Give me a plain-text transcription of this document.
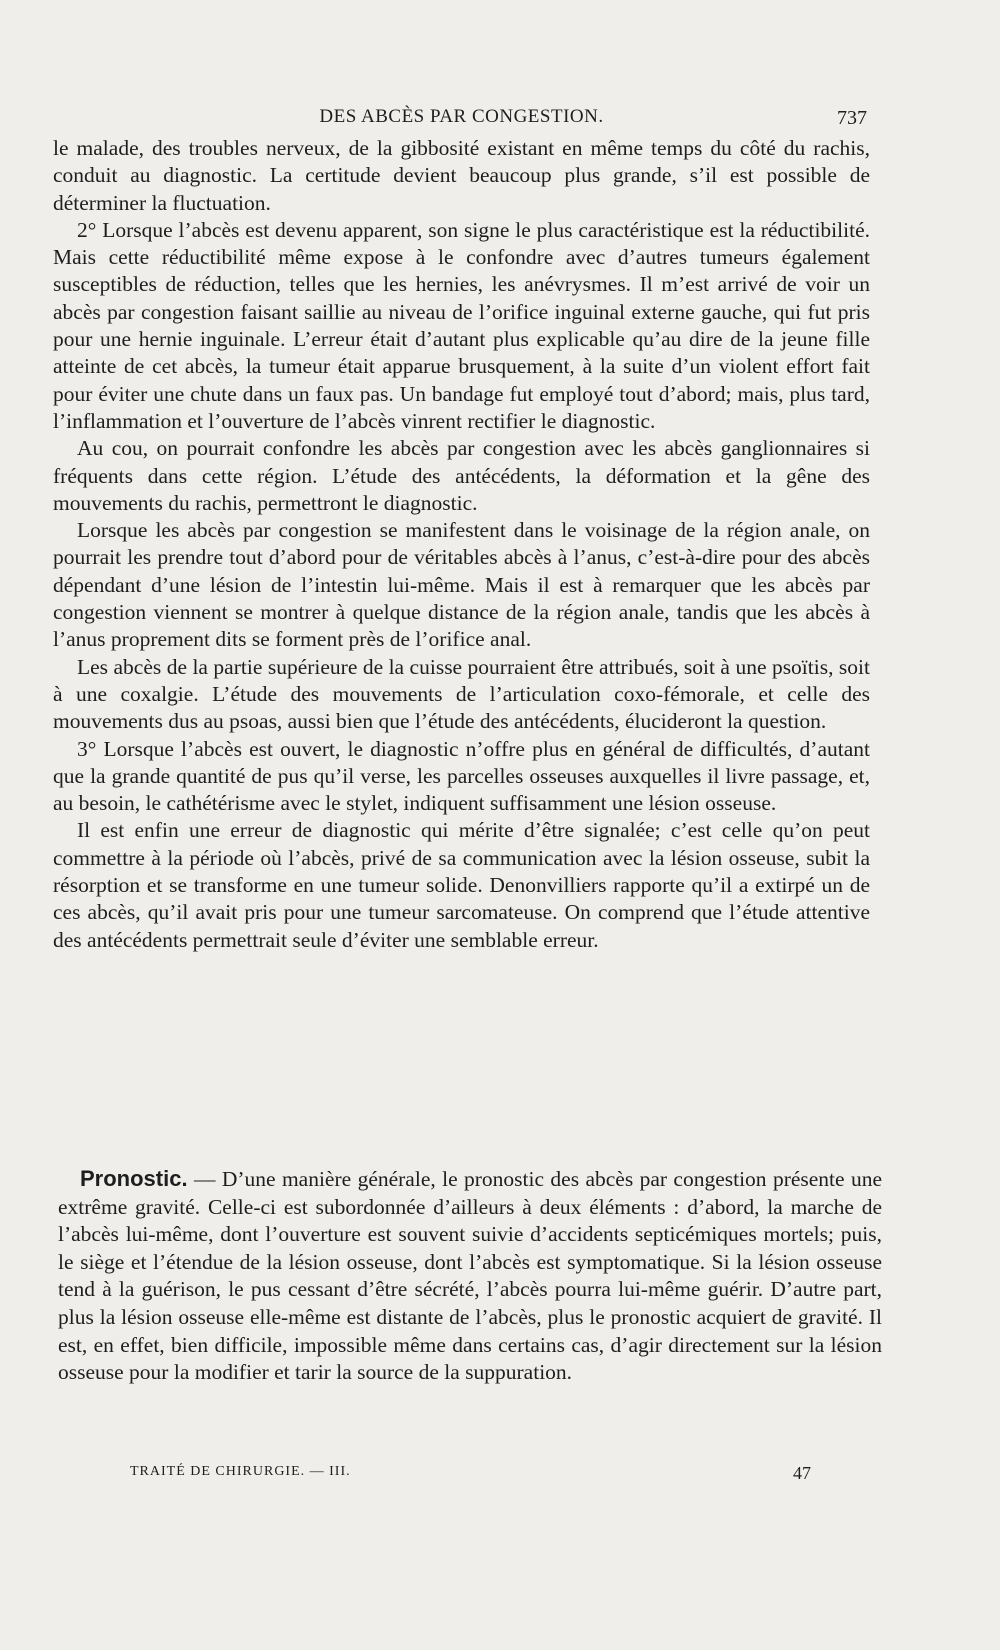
DES ABCÈS PAR CONGESTION.	737

le malade, des troubles nerveux, de la gibbosité existant en même temps du côté du rachis, conduit au diagnostic. La certitude devient beaucoup plus grande, s’il est possible de déterminer la fluctuation.

2° Lorsque l’abcès est devenu apparent, son signe le plus caractéristique est la réductibilité. Mais cette réductibilité même expose à le confondre avec d’autres tumeurs également susceptibles de réduction, telles que les hernies, les anévrysmes. Il m’est arrivé de voir un abcès par congestion faisant saillie au niveau de l’orifice inguinal externe gauche, qui fut pris pour une hernie inguinale. L’erreur était d’autant plus explicable qu’au dire de la jeune fille atteinte de cet abcès, la tumeur était apparue brusquement, à la suite d’un violent effort fait pour éviter une chute dans un faux pas. Un bandage fut employé tout d’abord; mais, plus tard, l’inflammation et l’ouverture de l’abcès vinrent rectifier le diagnostic.

Au cou, on pourrait confondre les abcès par congestion avec les abcès ganglionnaires si fréquents dans cette région. L’étude des antécédents, la déformation et la gêne des mouvements du rachis, permettront le diagnostic.

Lorsque les abcès par congestion se manifestent dans le voisinage de la région anale, on pourrait les prendre tout d’abord pour de véritables abcès à l’anus, c’est-à-dire pour des abcès dépendant d’une lésion de l’intestin lui-même. Mais il est à remarquer que les abcès par congestion viennent se montrer à quelque distance de la région anale, tandis que les abcès à l’anus proprement dits se forment près de l’orifice anal.

Les abcès de la partie supérieure de la cuisse pourraient être attribués, soit à une psoïtis, soit à une coxalgie. L’étude des mouvements de l’articulation coxo-fémorale, et celle des mouvements dus au psoas, aussi bien que l’étude des antécédents, élucideront la question.

3° Lorsque l’abcès est ouvert, le diagnostic n’offre plus en général de difficultés, d’autant que la grande quantité de pus qu’il verse, les parcelles osseuses auxquelles il livre passage, et, au besoin, le cathétérisme avec le stylet, indiquent suffisamment une lésion osseuse.

Il est enfin une erreur de diagnostic qui mérite d’être signalée; c’est celle qu’on peut commettre à la période où l’abcès, privé de sa communication avec la lésion osseuse, subit la résorption et se transforme en une tumeur solide. Denonvilliers rapporte qu’il a extirpé un de ces abcès, qu’il avait pris pour une tumeur sarcomateuse. On comprend que l’étude attentive des antécédents permettrait seule d’éviter une semblable erreur.

Pronostic. — D’une manière générale, le pronostic des abcès par congestion présente une extrême gravité. Celle-ci est subordonnée d’ailleurs à deux éléments : d’abord, la marche de l’abcès lui-même, dont l’ouverture est souvent suivie d’accidents septicémiques mortels; puis, le siège et l’étendue de la lésion osseuse, dont l’abcès est symptomatique. Si la lésion osseuse tend à la guérison, le pus cessant d’être sécrété, l’abcès pourra lui-même guérir. D’autre part, plus la lésion osseuse elle-même est distante de l’abcès, plus le pronostic acquiert de gravité. Il est, en effet, bien difficile, impossible même dans certains cas, d’agir directement sur la lésion osseuse pour la modifier et tarir la source de la suppuration.

TRAITÉ DE CHIRURGIE. — III.	47
